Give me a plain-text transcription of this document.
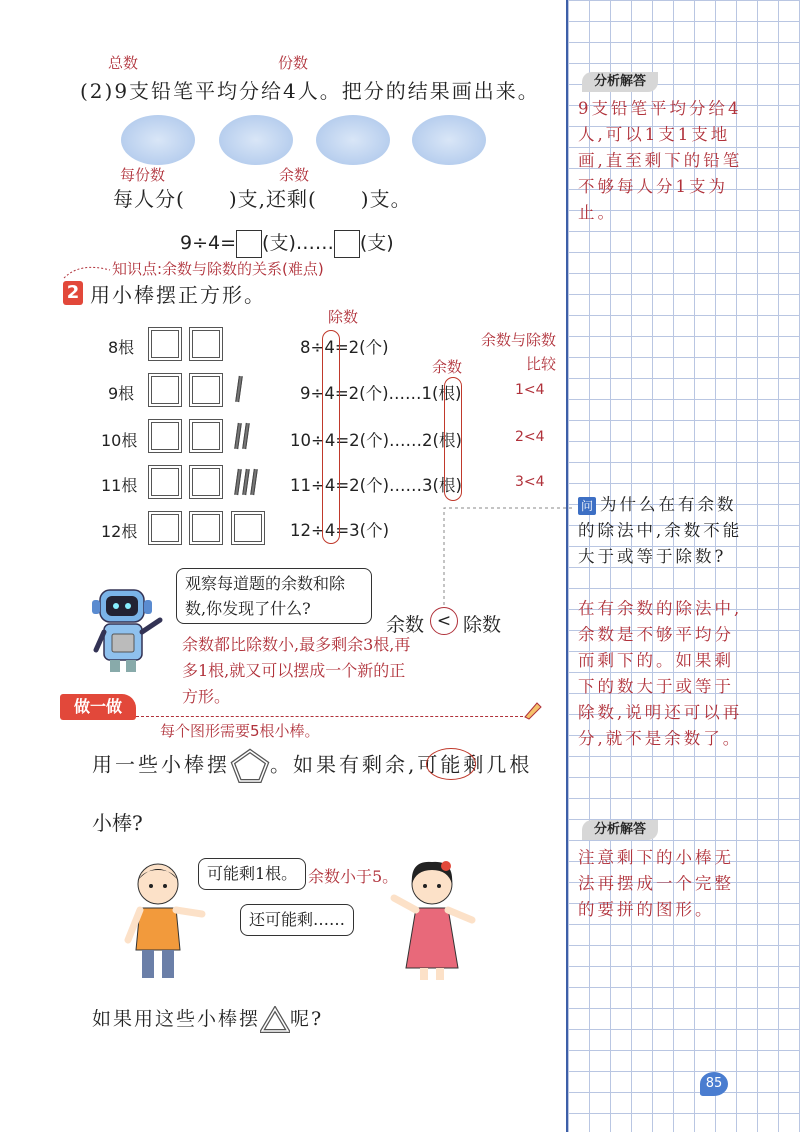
分析解答
9支铅笔平均分给4人,可以1支1支地画,直至剩下的铅笔不够每人分1支为止。
问 为什么在有余数的除法中,余数不能大于或等于除数?
在有余数的除法中,余数是不够平均分而剩下的。如果剩下的数大于或等于除数,说明还可以再分,就不是余数了。
分析解答
注意剩下的小棒无法再摆成一个完整的要拼的图形。
85
总数	份数
(2)9支铅笔平均分给4人。把分的结果画出来。
每份数	余数
每人分( )支,还剩( )支。
9÷4= (支)…… (支)
知识点:余数与除数的关系(难点)
2 用小棒摆正方形。
除数
余数与除数比较
余数
8根
9根
10根
11根
12根
8÷4=2(个)
9÷4=2(个)……1(根)
10÷4=2(个)……2(根)
11÷4=2(个)……3(根)
12÷4=3(个)
1<4
2<4
3<4
观察每道题的余数和除数,你发现了什么?
余数 < 除数
余数都比除数小,最多剩余3根,再多1根,就又可以摆成一个新的正方形。
做一做
每个图形需要5根小棒。
用一些小棒摆 。如果有剩余,可能剩几根
小棒?
可能剩1根。 余数小于5。
还可能剩……
如果用这些小棒摆 呢?
